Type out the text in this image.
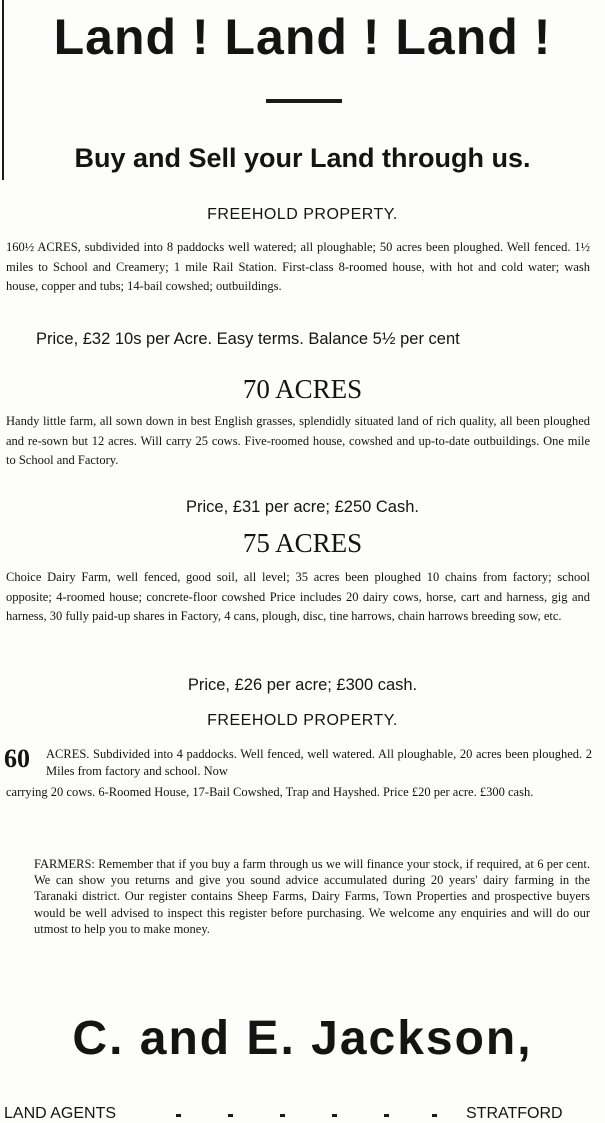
Land ! Land ! Land !
Buy and Sell your Land through us.
FREEHOLD PROPERTY.
160½ ACRES, subdivided into 8 paddocks well watered; all ploughable; 50 acres been ploughed. Well fenced. 1½ miles to School and Creamery; 1 mile Rail Station. First-class 8-roomed house, with hot and cold water; wash house, copper and tubs; 14-bail cowshed; outbuildings.
Price, £32 10s per Acre. Easy terms. Balance 5½ per cent
70 ACRES
Handy little farm, all sown down in best English grasses, splendidly situated land of rich quality, all been ploughed and re-sown but 12 acres. Will carry 25 cows. Five-roomed house, cowshed and up-to-date outbuildings. One mile to School and Factory.
Price, £31 per acre; £250 Cash.
75 ACRES
Choice Dairy Farm, well fenced, good soil, all level; 35 acres been ploughed 10 chains from factory; school opposite; 4-roomed house; concrete-floor cowshed Price includes 20 dairy cows, horse, cart and harness, gig and harness, 30 fully paid-up shares in Factory, 4 cans, plough, disc, tine harrows, chain harrows breeding sow, etc.
Price, £26 per acre; £300 cash.
FREEHOLD PROPERTY.
60 ACRES. Subdivided into 4 paddocks. Well fenced, well watered. All ploughable, 20 acres been ploughed. 2 Miles from factory and school. Now
carrying 20 cows. 6-Roomed House, 17-Bail Cowshed, Trap and Hayshed. Price £20 per acre. £300 cash.

FARMERS: Remember that if you buy a farm through us we will finance your stock, if required, at 6 per cent. We can show you returns and give you sound advice accumulated during 20 years' dairy farming in the Taranaki district. Our register contains Sheep Farms, Dairy Farms, Town Properties and prospective buyers would be well advised to inspect this register before purchasing. We welcome any enquiries and will do our utmost to help you to make money.

C. and E. Jackson,
LAND AGENTS	STRATFORD
